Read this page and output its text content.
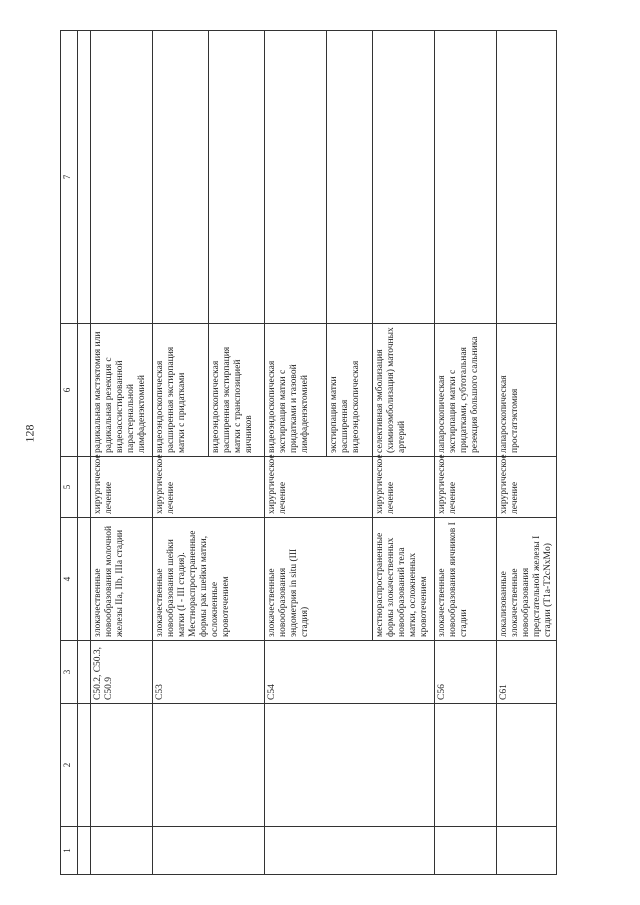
128
1	2	3	4	5	6	7

		C50.2, C50.3, C50.9	злокачественные новообразования молочной железы IIa, IIb, IIIa стадии	хирургическое лечение	радикальная мастэктомия или радикальная резекция с видеоассистированной парастернальной лимфаденэктомией	
		C53	злокачественные новообразования шейки матки (I - III стадия). Местнораспространенные формы рак шейки матки, осложненные кровотечением	хирургическое лечение	видеоэндоскопическая расширенная экстирпация матки с придатками	
					видеоэндоскопическая расширенная экстирпация матки с транспозицией яичников	
		C54	злокачественные новообразования эндометрия in situ (III стадия)	хирургическое лечение	видеоэндоскопическая экстирпация матки с придатками и тазовой лимфаденэктомией	
					экстирпация матки расширенная видеоэндоскопическая	
			местнораспространенные формы злокачественных новообразований тела матки, осложненных кровотечением	хирургическое лечение	селективная эмболизация (химиоэмболизация) маточных артерий	
		C56	злокачественные новообразования яичников I стадии	хирургическое лечение	лапароскопическая экстирпация матки с придатками, субтотальная резекция большого сальника	
		C61	локализованные злокачественные новообразования предстательной железы I стадии (T1a-T2cNxMo)	хирургическое лечение	лапароскопическая простатэктомия	
